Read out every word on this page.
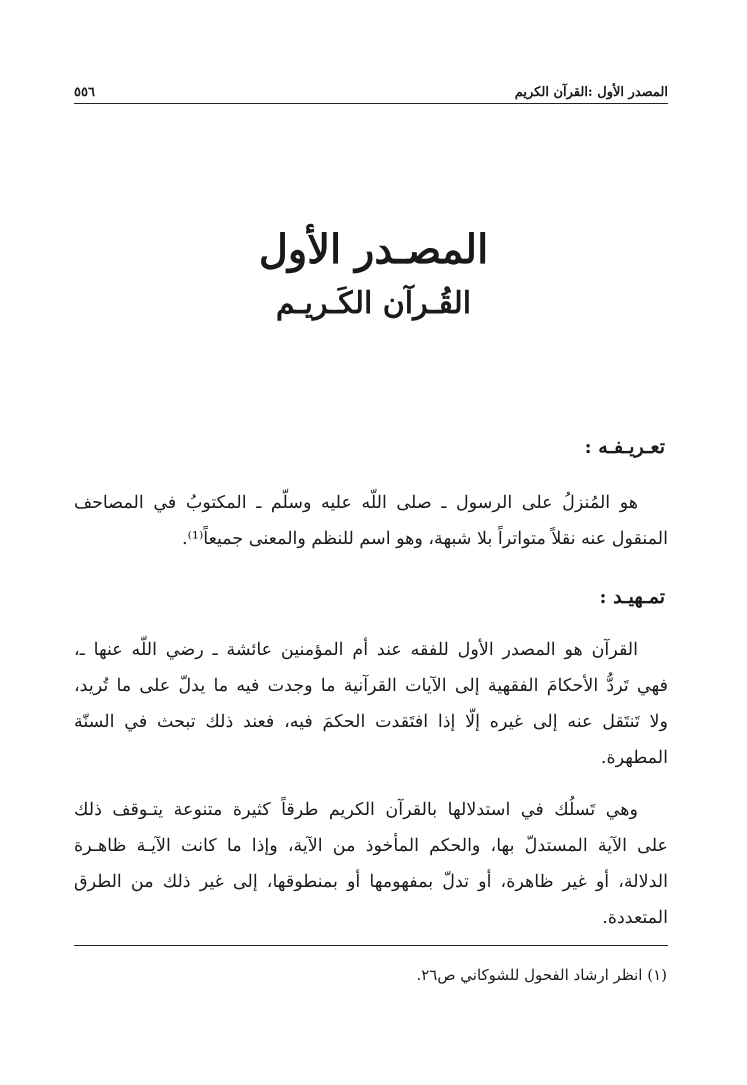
المصدر الأول :القرآن الكريم
٥٥٦
المصـدر الأول
القُـرآن الكَـريـم
تعـريـفـه :
هو المُنزلُ على الرسول ـ صلى اللّه عليه وسلّم ـ المكتوبُ في المصاحف
المنقول عنه نقلاً متواتراً بلا شبهة، وهو اسم للنظم والمعنى جميعاً⁽¹⁾.
تمـهيـد :
القرآن هو المصدر الأول للفقه عند أم المؤمنين عائشة ـ رضي اللّه عنها ـ،
فهي تَردُّ الأحكامَ الفقهية إلى الآيات القرآنية ما وجدت فيه ما يدلّ على ما تُريد،
ولا تَنتَقل عنه إلى غيره إلّا إذا افتَقدت الحكمَ فيه، فعند ذلك تبحث في السنّة
المطهرة.
وهي تَسلُك في استدلالها بالقرآن الكريم طرقاً كثيرة متنوعة يتـوقف ذلك
على الآية المستدلّ بها، والحكم المأخوذ من الآية، وإذا ما كانت الآيـة ظاهـرة
الدلالة، أو غير ظاهرة، أو تدلّ بمفهومها أو بمنطوقها، إلى غير ذلك من الطرق
المتعددة.
(١) انظر ارشاد الفحول للشوكاني ص٢٦.
